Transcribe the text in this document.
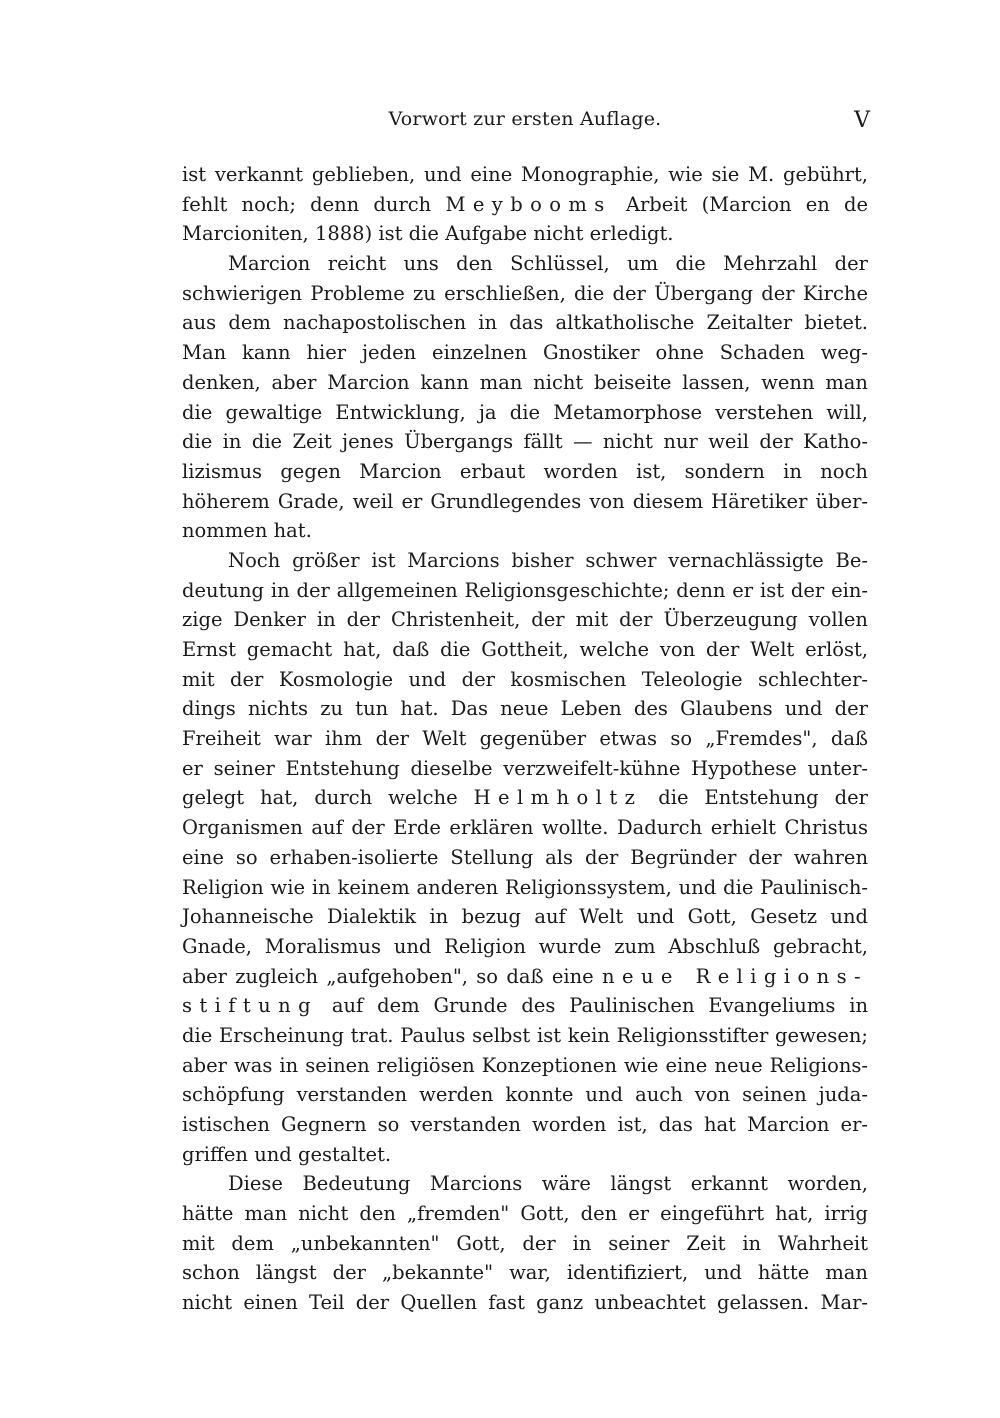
Vorwort zur ersten Auflage.	V
ist verkannt geblieben, und eine Monographie, wie sie M. gebührt,
fehlt noch; denn durch Meybooms Arbeit (Marcion en de
Marcioniten, 1888) ist die Aufgabe nicht erledigt.
Marcion reicht uns den Schlüssel, um die Mehrzahl der
schwierigen Probleme zu erschließen, die der Übergang der Kirche
aus dem nachapostolischen in das altkatholische Zeitalter bietet.
Man kann hier jeden einzelnen Gnostiker ohne Schaden weg-
denken, aber Marcion kann man nicht beiseite lassen, wenn man
die gewaltige Entwicklung, ja die Metamorphose verstehen will,
die in die Zeit jenes Übergangs fällt — nicht nur weil der Katho-
lizismus gegen Marcion erbaut worden ist, sondern in noch
höherem Grade, weil er Grundlegendes von diesem Häretiker über-
nommen hat.
Noch größer ist Marcions bisher schwer vernachlässigte Be-
deutung in der allgemeinen Religionsgeschichte; denn er ist der ein-
zige Denker in der Christenheit, der mit der Überzeugung vollen
Ernst gemacht hat, daß die Gottheit, welche von der Welt erlöst,
mit der Kosmologie und der kosmischen Teleologie schlechter-
dings nichts zu tun hat. Das neue Leben des Glaubens und der
Freiheit war ihm der Welt gegenüber etwas so „Fremdes", daß
er seiner Entstehung dieselbe verzweifelt-kühne Hypothese unter-
gelegt hat, durch welche Helmholtz die Entstehung der
Organismen auf der Erde erklären wollte. Dadurch erhielt Christus
eine so erhaben-isolierte Stellung als der Begründer der wahren
Religion wie in keinem anderen Religionssystem, und die Paulinisch-
Johanneische Dialektik in bezug auf Welt und Gott, Gesetz und
Gnade, Moralismus und Religion wurde zum Abschluß gebracht,
aber zugleich „aufgehoben", so daß eine neue Religions-
stiftung auf dem Grunde des Paulinischen Evangeliums in
die Erscheinung trat. Paulus selbst ist kein Religionsstifter gewesen;
aber was in seinen religiösen Konzeptionen wie eine neue Religions-
schöpfung verstanden werden konnte und auch von seinen juda-
istischen Gegnern so verstanden worden ist, das hat Marcion er-
griffen und gestaltet.
Diese Bedeutung Marcions wäre längst erkannt worden,
hätte man nicht den „fremden" Gott, den er eingeführt hat, irrig
mit dem „unbekannten" Gott, der in seiner Zeit in Wahrheit
schon längst der „bekannte" war, identifiziert, und hätte man
nicht einen Teil der Quellen fast ganz unbeachtet gelassen. Mar-
